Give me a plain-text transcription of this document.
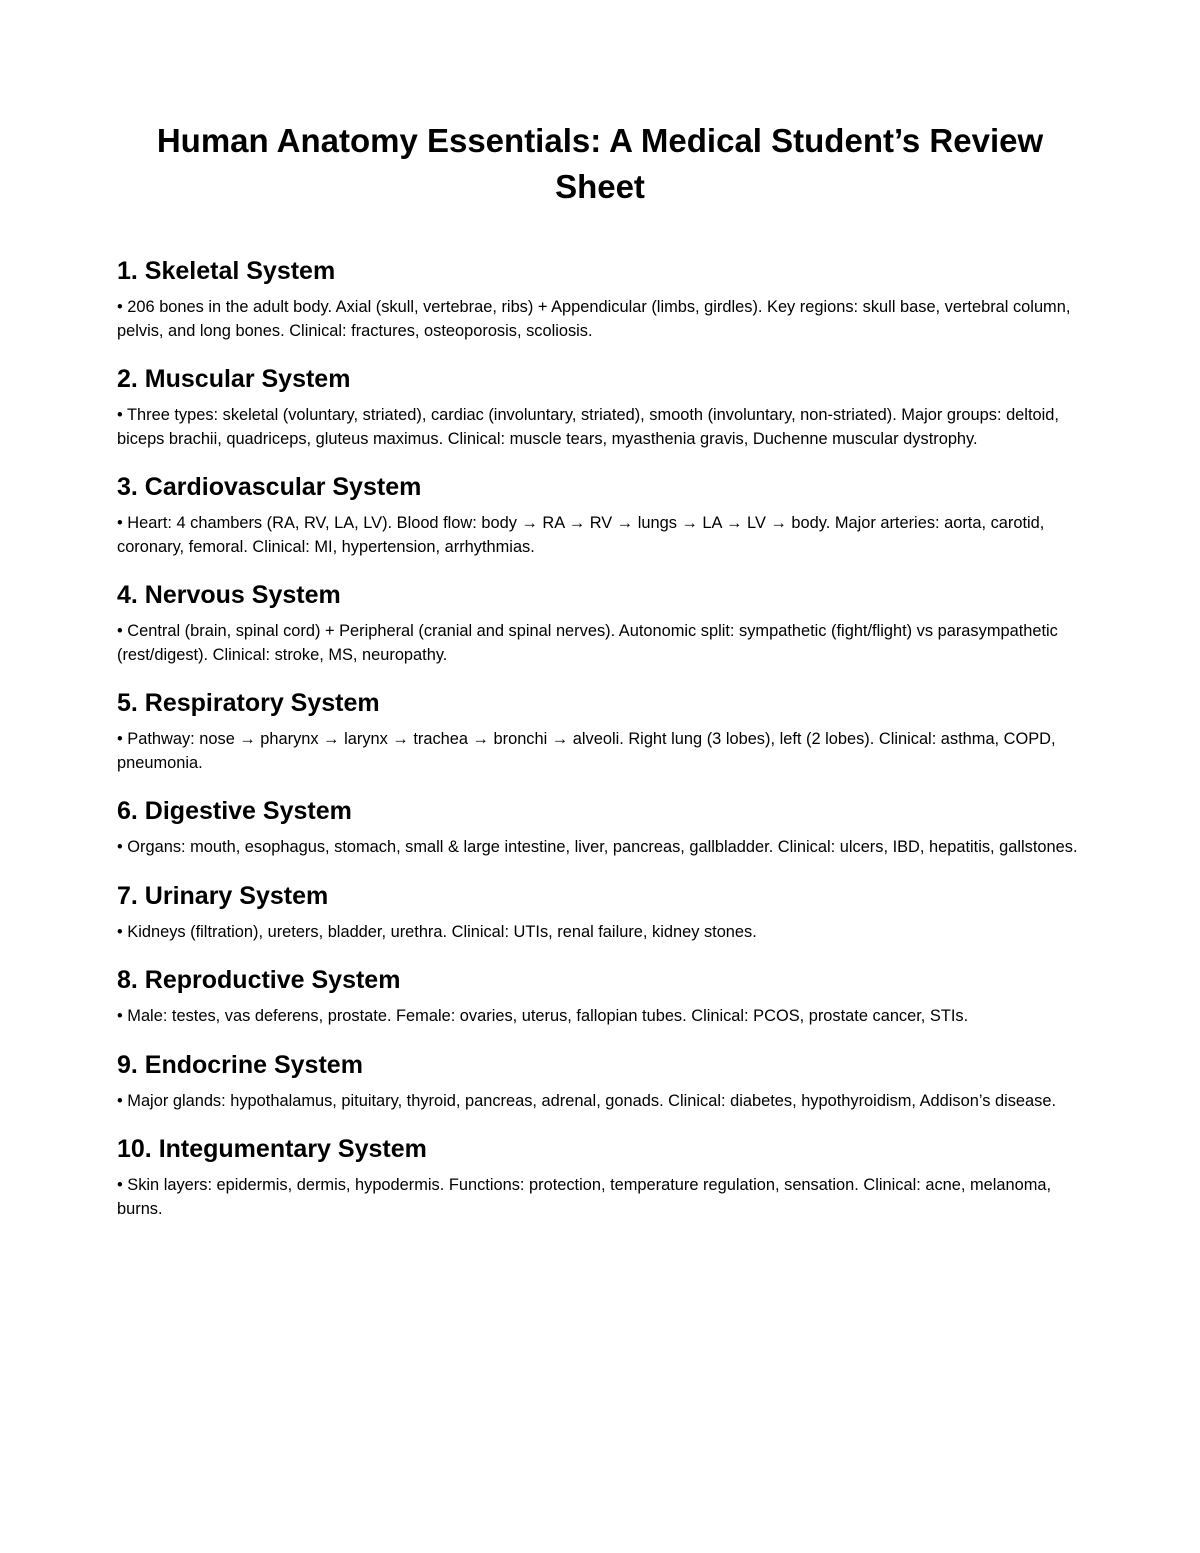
Human Anatomy Essentials: A Medical Student’s Review Sheet
1. Skeletal System

• 206 bones in the adult body. Axial (skull, vertebrae, ribs) + Appendicular (limbs, girdles). Key regions: skull base, vertebral column, pelvis, and long bones. Clinical: fractures, osteoporosis, scoliosis.

2. Muscular System

• Three types: skeletal (voluntary, striated), cardiac (involuntary, striated), smooth (involuntary, non-striated). Major groups: deltoid, biceps brachii, quadriceps, gluteus maximus. Clinical: muscle tears, myasthenia gravis, Duchenne muscular dystrophy.

3. Cardiovascular System

• Heart: 4 chambers (RA, RV, LA, LV). Blood flow: body → RA → RV → lungs → LA → LV → body. Major arteries: aorta, carotid, coronary, femoral. Clinical: MI, hypertension, arrhythmias.

4. Nervous System

• Central (brain, spinal cord) + Peripheral (cranial and spinal nerves). Autonomic split: sympathetic (fight/flight) vs parasympathetic (rest/digest). Clinical: stroke, MS, neuropathy.

5. Respiratory System

• Pathway: nose → pharynx → larynx → trachea → bronchi → alveoli. Right lung (3 lobes), left (2 lobes). Clinical: asthma, COPD, pneumonia.

6. Digestive System

• Organs: mouth, esophagus, stomach, small & large intestine, liver, pancreas, gallbladder. Clinical: ulcers, IBD, hepatitis, gallstones.

7. Urinary System

• Kidneys (filtration), ureters, bladder, urethra. Clinical: UTIs, renal failure, kidney stones.

8. Reproductive System

• Male: testes, vas deferens, prostate. Female: ovaries, uterus, fallopian tubes. Clinical: PCOS, prostate cancer, STIs.

9. Endocrine System

• Major glands: hypothalamus, pituitary, thyroid, pancreas, adrenal, gonads. Clinical: diabetes, hypothyroidism, Addison’s disease.

10. Integumentary System

• Skin layers: epidermis, dermis, hypodermis. Functions: protection, temperature regulation, sensation. Clinical: acne, melanoma, burns.
